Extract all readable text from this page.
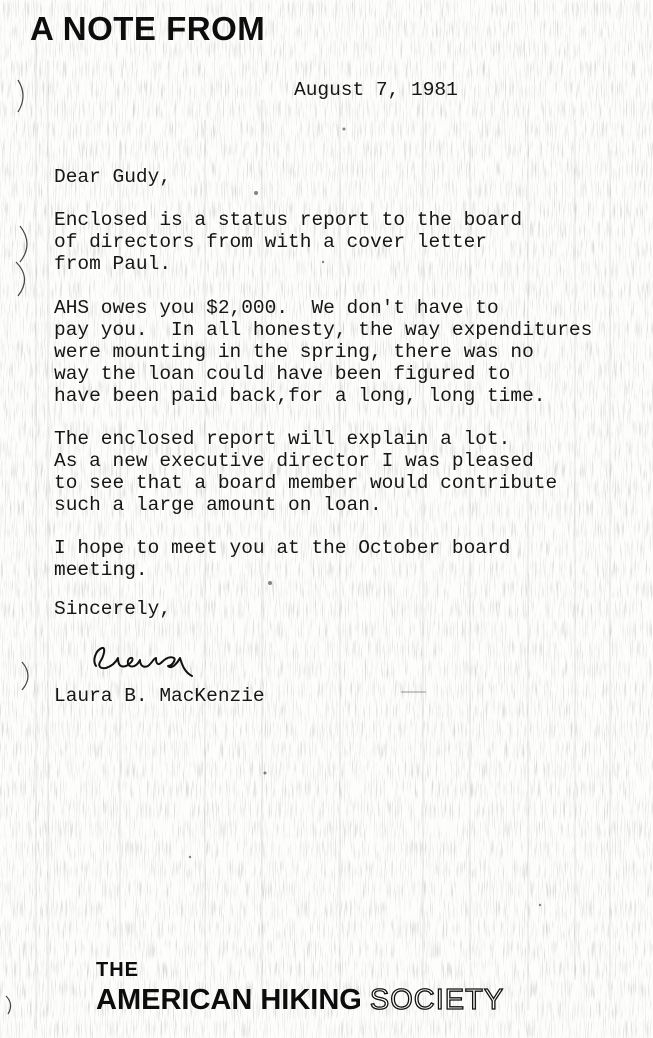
A NOTE FROM
August 7, 1981
Dear Gudy,
Enclosed is a status report to the board
of directors from with a cover letter
from Paul.
AHS owes you $2,000.  We don't have to
pay you.  In all honesty, the way expenditures
were mounting in the spring, there was no
way the loan could have been figured to
have been paid back,for a long, long time.
The enclosed report will explain a lot.
As a new executive director I was pleased
to see that a board member would contribute
such a large amount on loan.
I hope to meet you at the October board
meeting.
Sincerely,
Laura B. MacKenzie
THE
AMERICAN HIKING SOCIETY
